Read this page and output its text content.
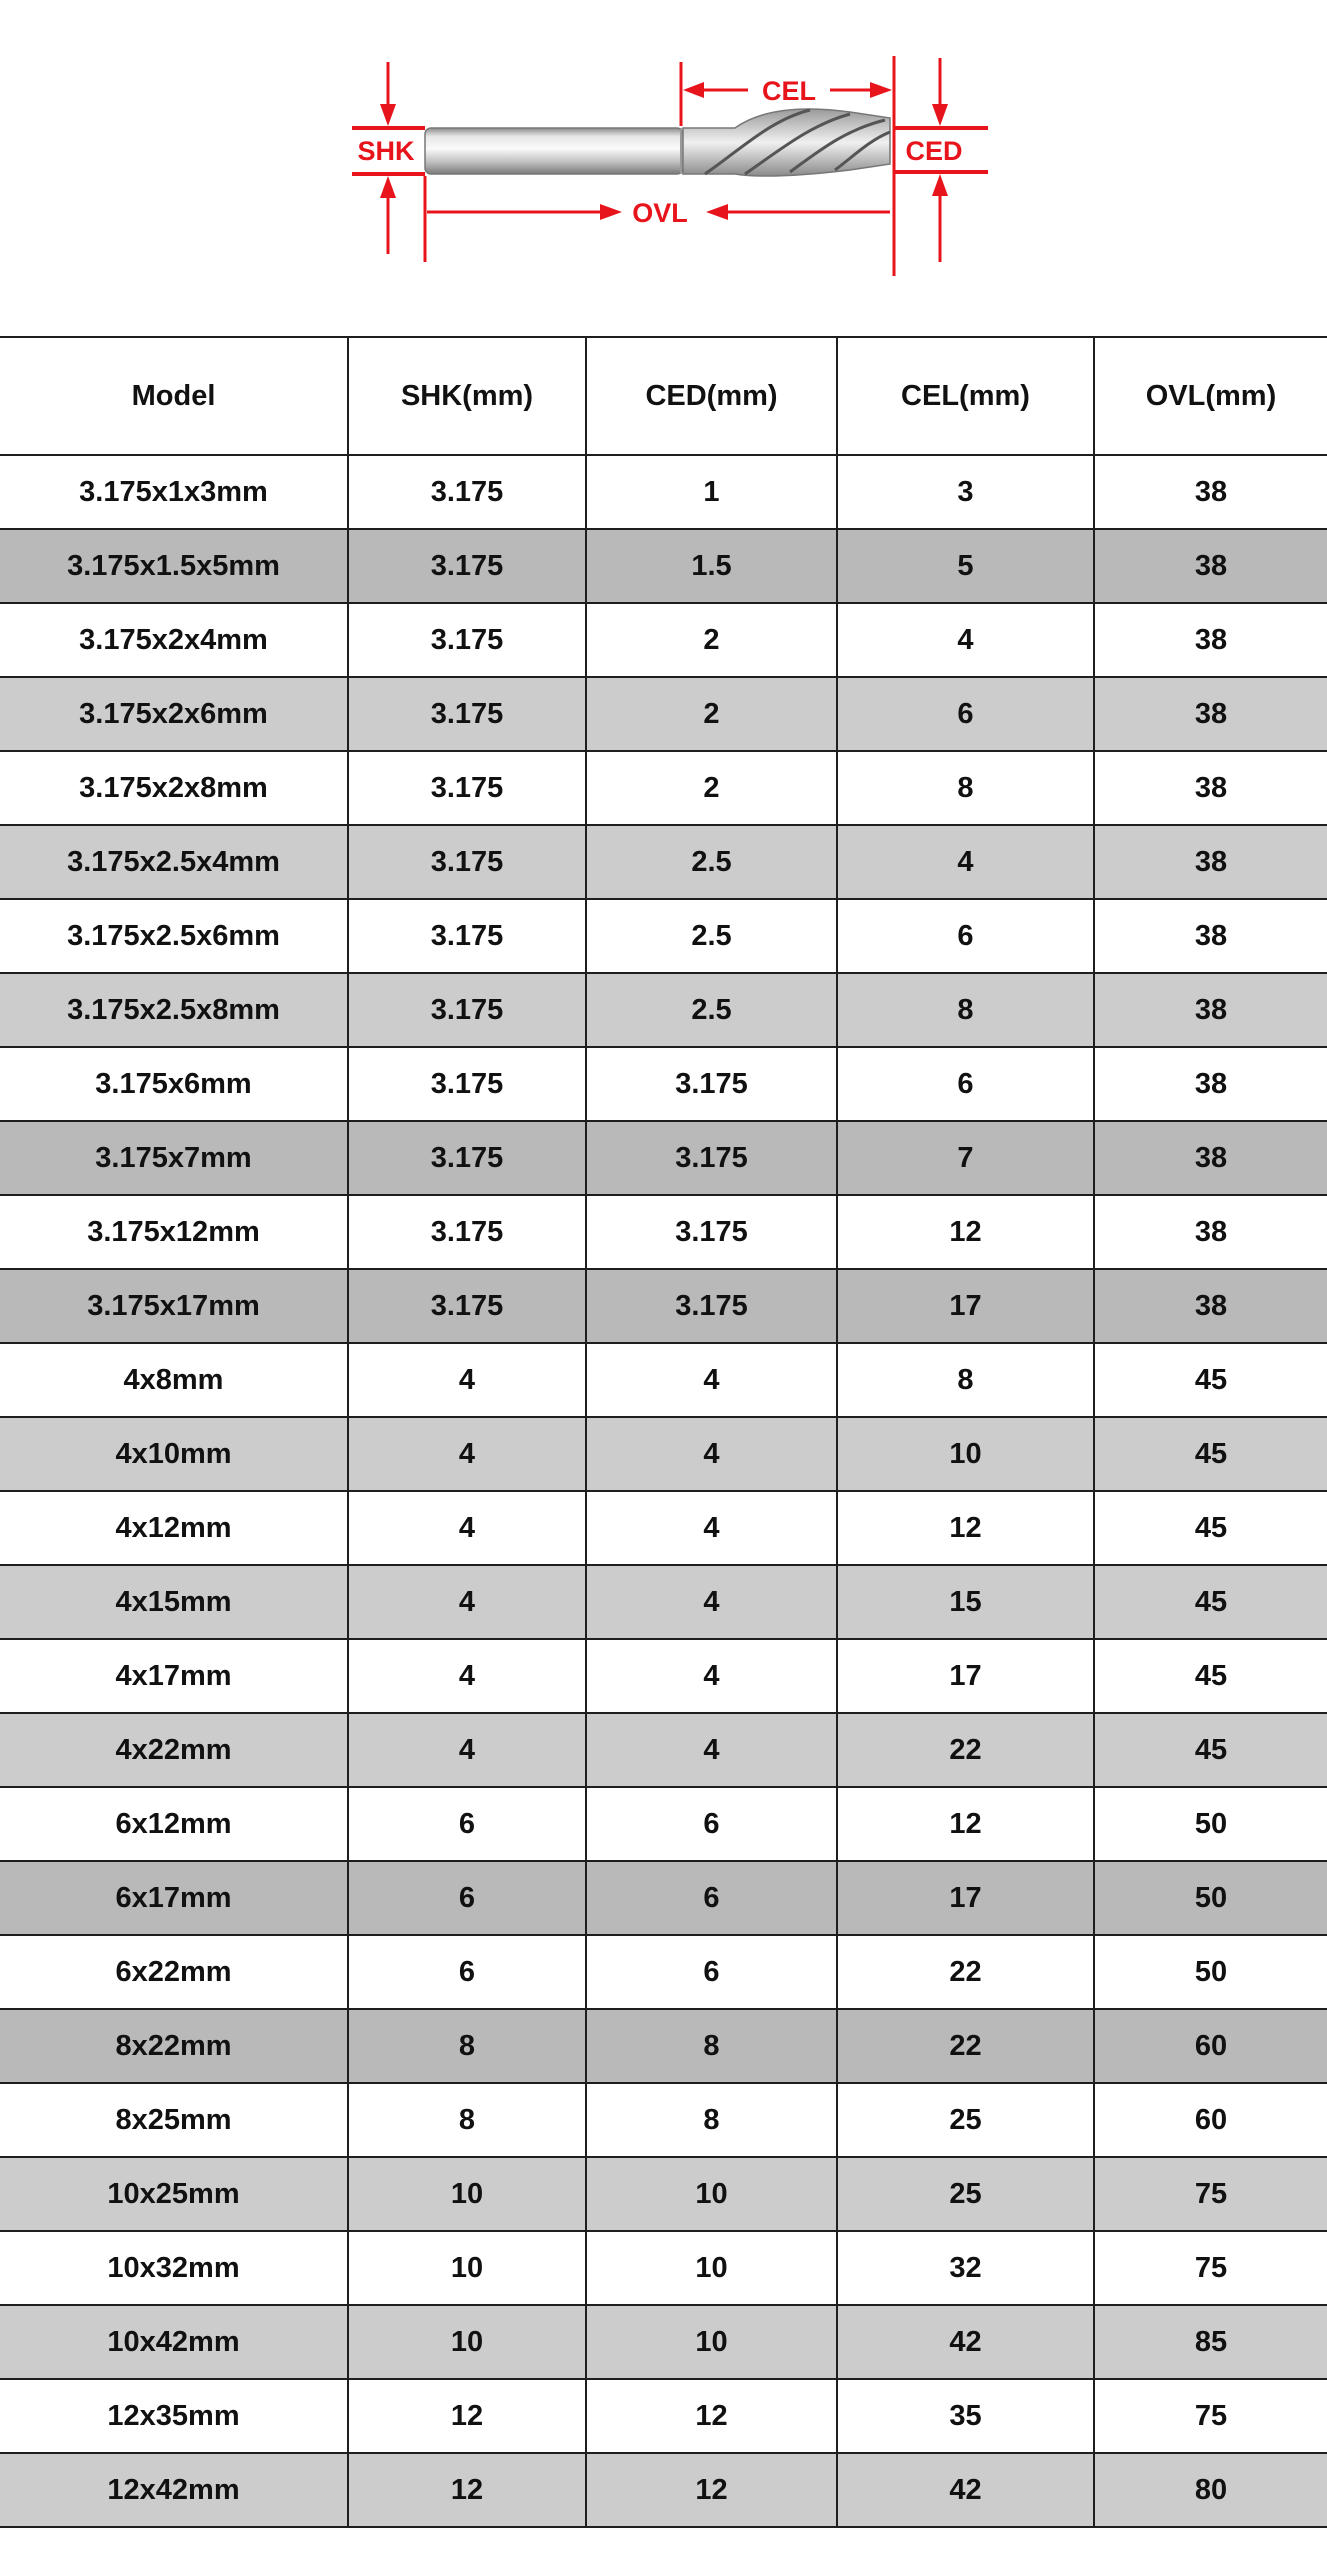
SHK	CED
CEL
OVL
Model	SHK(mm)	CED(mm)	CEL(mm)	OVL(mm)
3.175x1x3mm	3.175	1	3	38
3.175x1.5x5mm	3.175	1.5	5	38
3.175x2x4mm	3.175	2	4	38
3.175x2x6mm	3.175	2	6	38
3.175x2x8mm	3.175	2	8	38
3.175x2.5x4mm	3.175	2.5	4	38
3.175x2.5x6mm	3.175	2.5	6	38
3.175x2.5x8mm	3.175	2.5	8	38
3.175x6mm	3.175	3.175	6	38
3.175x7mm	3.175	3.175	7	38
3.175x12mm	3.175	3.175	12	38
3.175x17mm	3.175	3.175	17	38
4x8mm	4	4	8	45
4x10mm	4	4	10	45
4x12mm	4	4	12	45
4x15mm	4	4	15	45
4x17mm	4	4	17	45
4x22mm	4	4	22	45
6x12mm	6	6	12	50
6x17mm	6	6	17	50
6x22mm	6	6	22	50
8x22mm	8	8	22	60
8x25mm	8	8	25	60
10x25mm	10	10	25	75
10x32mm	10	10	32	75
10x42mm	10	10	42	85
12x35mm	12	12	35	75
12x42mm	12	12	42	80
